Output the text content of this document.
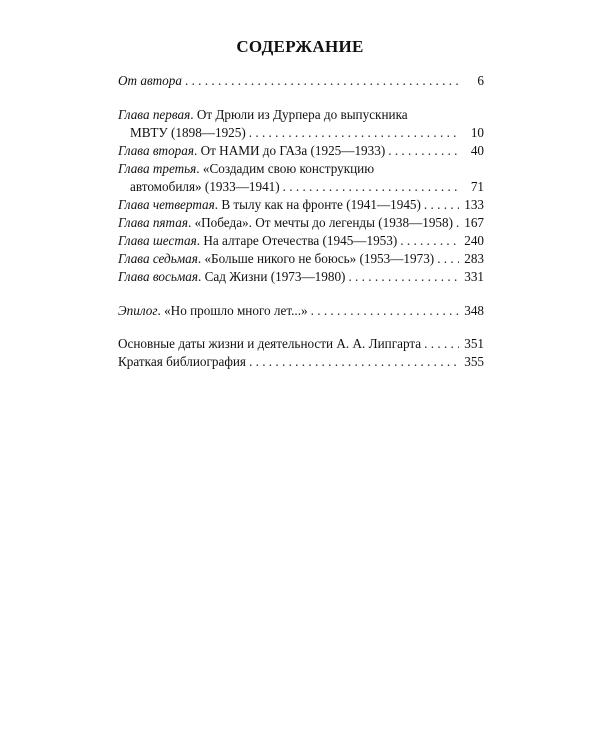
СОДЕРЖАНИЕ
От автора . . .	6
Глава первая. От Дрюли из Дурпера до выпускника
МВТУ (1898—1925) . . .	10
Глава вторая. От НАМИ до ГАЗа (1925—1933) . . .	40
Глава третья. «Создадим свою конструкцию
автомобиля» (1933—1941) . . .	71
Глава четвертая. В тылу как на фронте (1941—1945) . . .	133
Глава пятая. «Победа». От мечты до легенды (1938—1958) . . . 167
Глава шестая. На алтаре Отечества (1945—1953) . . .	240
Глава седьмая. «Больше никого не боюсь» (1953—1973) . . . 283
Глава восьмая. Сад Жизни (1973—1980) . . .	331
Эпилог. «Но прошло много лет...» . . .	348
Основные даты жизни и деятельности А. А. Липгарта . . .	351
Краткая библиография . . .	355
